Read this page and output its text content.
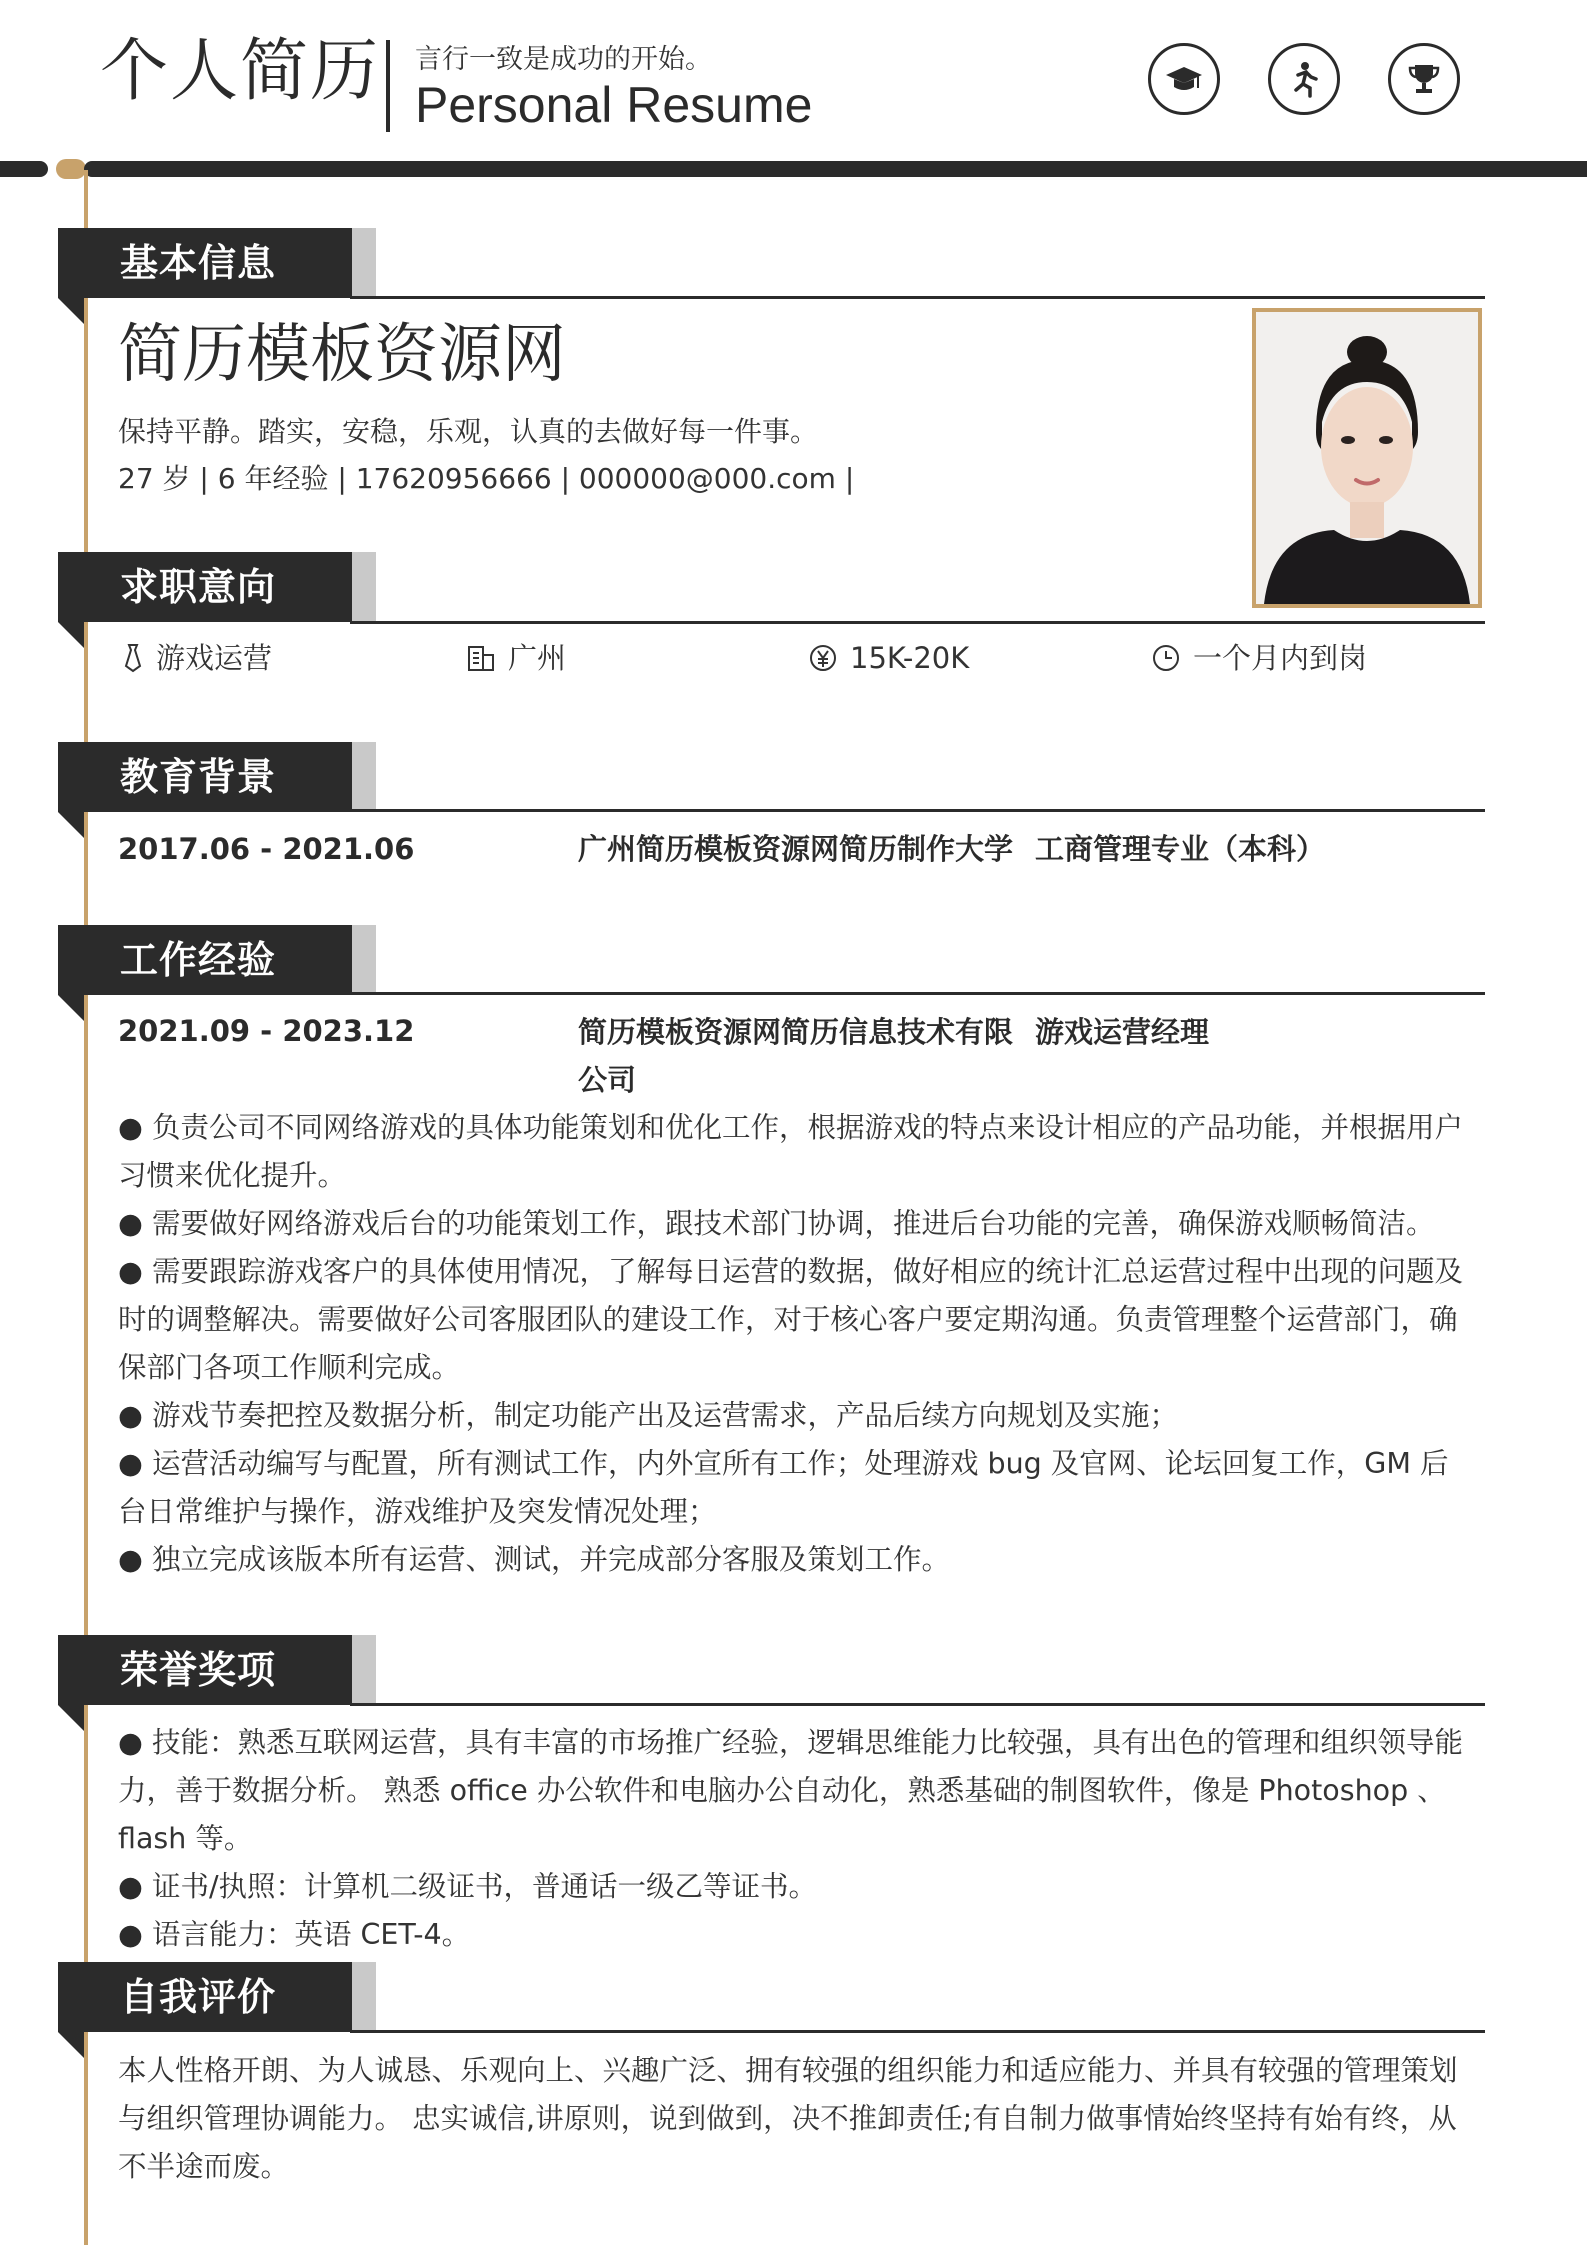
个人简历 言行一致是成功的开始。
Personal Resume
基本信息
简历模板资源网
保持平静。踏实，安稳，乐观，认真的去做好每一件事。
27 岁 | 6 年经验 | 17620956666 | 000000@000.com |
求职意向
游戏运营	广州	15K-20K	一个月内到岗
教育背景
2017.06 - 2021.06	广州简历模板资源网简历制作大学 工商管理专业（本科）
工作经验
2021.09 - 2023.12	简历模板资源网简历信息技术有限公司
游戏运营经理
● 负责公司不同网络游戏的具体功能策划和优化工作，根据游戏的特点来设计相应的产品功能，并根据用户习惯来优化提升。
● 需要做好网络游戏后台的功能策划工作，跟技术部门协调，推进后台功能的完善，确保游戏顺畅简洁。
● 需要跟踪游戏客户的具体使用情况，了解每日运营的数据，做好相应的统计汇总运营过程中出现的问题及时的调整解决。需要做好公司客服团队的建设工作，对于核心客户要定期沟通。负责管理整个运营部门，确保部门各项工作顺利完成。
● 游戏节奏把控及数据分析，制定功能产出及运营需求，产品后续方向规划及实施；
● 运营活动编写与配置，所有测试工作，内外宣所有工作；处理游戏 bug 及官网、论坛回复工作，GM 后台日常维护与操作，游戏维护及突发情况处理；
● 独立完成该版本所有运营、测试，并完成部分客服及策划工作。
荣誉奖项
● 技能：熟悉互联网运营，具有丰富的市场推广经验，逻辑思维能力比较强，具有出色的管理和组织领导能力，善于数据分析。 熟悉 office 办公软件和电脑办公自动化，熟悉基础的制图软件，像是 Photoshop 、flash 等。
● 证书/执照：计算机二级证书，普通话一级乙等证书。
● 语言能力：英语 CET-4。
自我评价

本人性格开朗、为人诚恳、乐观向上、兴趣广泛、拥有较强的组织能力和适应能力、并具有较强的管理策划与组织管理协调能力。 忠实诚信,讲原则，说到做到，决不推卸责任;有自制力做事情始终坚持有始有终，从不半途而废。
